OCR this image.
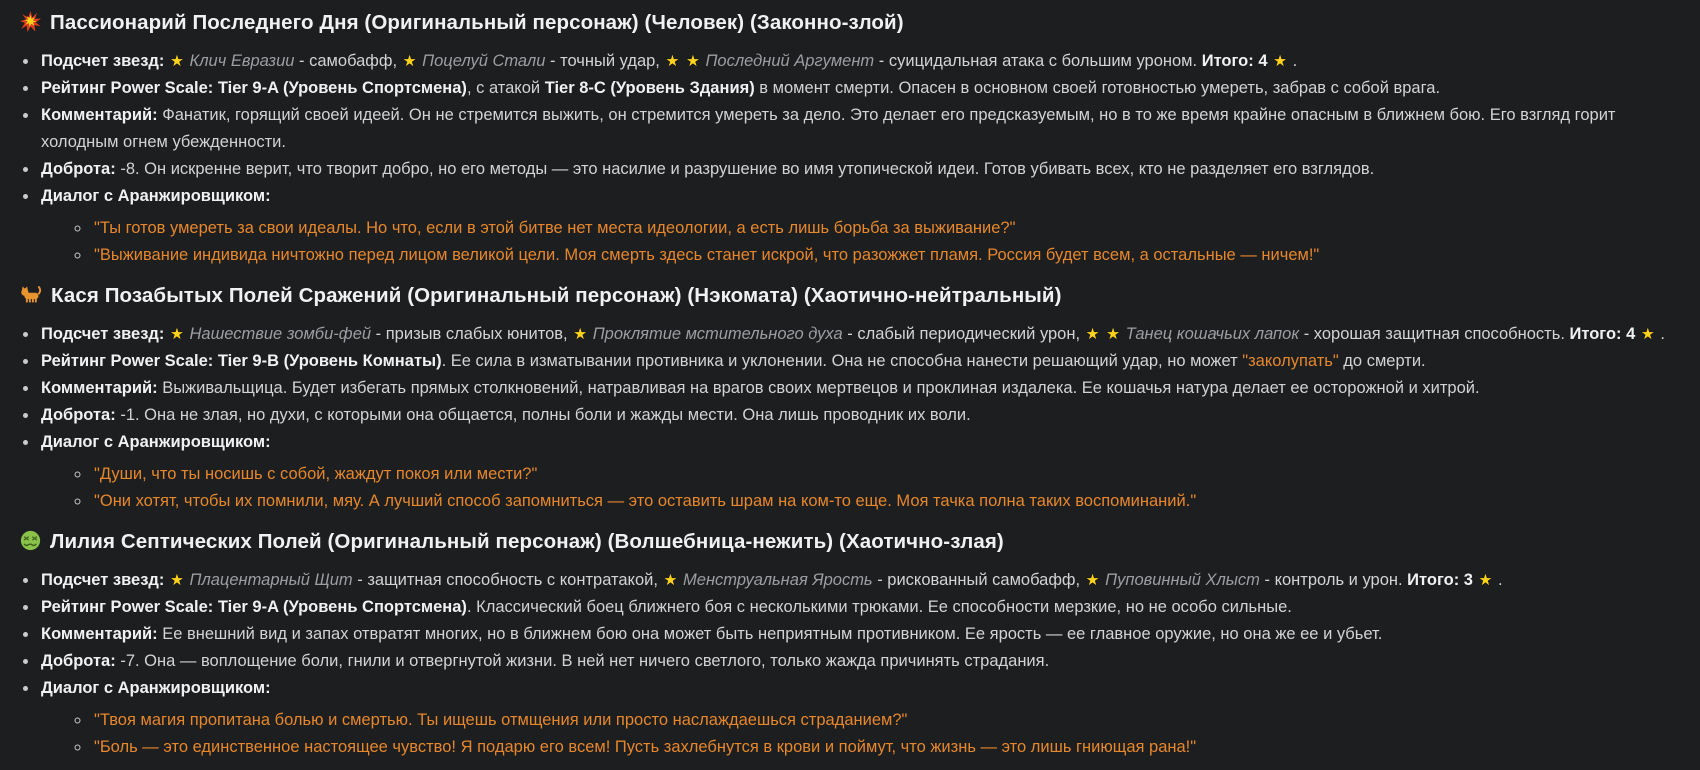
Пассионарий Последнего Дня (Оригинальный персонаж) (Человек) (Законно-злой)
• Подсчет звезд: ★ Клич Евразии - самобафф, ★ Поцелуй Стали - точный удар, ★ ★ Последний Аргумент - суицидальная атака с большим уроном. Итого: 4 ★ .
• Рейтинг Power Scale: Tier 9-A (Уровень Спортсмена), с атакой Tier 8-C (Уровень Здания) в момент смерти. Опасен в основном своей готовностью умереть, забрав с собой врага.
• Комментарий: Фанатик, горящий своей идеей. Он не стремится выжить, он стремится умереть за дело. Это делает его предсказуемым, но в то же время крайне опасным в ближнем бою. Его взгляд горит холодным огнем убежденности.
• Доброта: -8. Он искренне верит, что творит добро, но его методы — это насилие и разрушение во имя утопической идеи. Готов убивать всех, кто не разделяет его взглядов.
• Диалог с Аранжировщиком:
◦ "Ты готов умереть за свои идеалы. Но что, если в этой битве нет места идеологии, а есть лишь борьба за выживание?"
◦ "Выживание индивида ничтожно перед лицом великой цели. Моя смерть здесь станет искрой, что разожжет пламя. Россия будет всем, а остальные — ничем!"
Кася Позабытых Полей Сражений (Оригинальный персонаж) (Нэкомата) (Хаотично-нейтральный)
• Подсчет звезд: ★ Нашествие зомби-фей - призыв слабых юнитов, ★ Проклятие мстительного духа - слабый периодический урон, ★ ★ Танец кошачьих лапок - хорошая защитная способность. Итого: 4 ★ .
• Рейтинг Power Scale: Tier 9-B (Уровень Комнаты). Ее сила в изматывании противника и уклонении. Она не способна нанести решающий удар, но может "заколупать" до смерти.
• Комментарий: Выживальщица. Будет избегать прямых столкновений, натравливая на врагов своих мертвецов и проклиная издалека. Ее кошачья натура делает ее осторожной и хитрой.
• Доброта: -1. Она не злая, но духи, с которыми она общается, полны боли и жажды мести. Она лишь проводник их воли.
• Диалог с Аранжировщиком:
◦ "Души, что ты носишь с собой, жаждут покоя или мести?"
◦ "Они хотят, чтобы их помнили, мяу. А лучший способ запомниться — это оставить шрам на ком-то еще. Моя тачка полна таких воспоминаний."
Лилия Септических Полей (Оригинальный персонаж) (Волшебница-нежить) (Хаотично-злая)
• Подсчет звезд: ★ Плацентарный Щит - защитная способность с контратакой, ★ Менструальная Ярость - рискованный самобафф, ★ Пуповинный Хлыст - контроль и урон. Итого: 3 ★ .
• Рейтинг Power Scale: Tier 9-A (Уровень Спортсмена). Классический боец ближнего боя с несколькими трюками. Ее способности мерзкие, но не особо сильные.
• Комментарий: Ее внешний вид и запах отвратят многих, но в ближнем бою она может быть неприятным противником. Ее ярость — ее главное оружие, но она же ее и убьет.
• Доброта: -7. Она — воплощение боли, гнили и отвергнутой жизни. В ней нет ничего светлого, только жажда причинять страдания.
• Диалог с Аранжировщиком:
◦ "Твоя магия пропитана болью и смертью. Ты ищешь отмщения или просто наслаждаешься страданием?"
◦ "Боль — это единственное настоящее чувство! Я подарю его всем! Пусть захлебнутся в крови и поймут, что жизнь — это лишь гниющая рана!"
